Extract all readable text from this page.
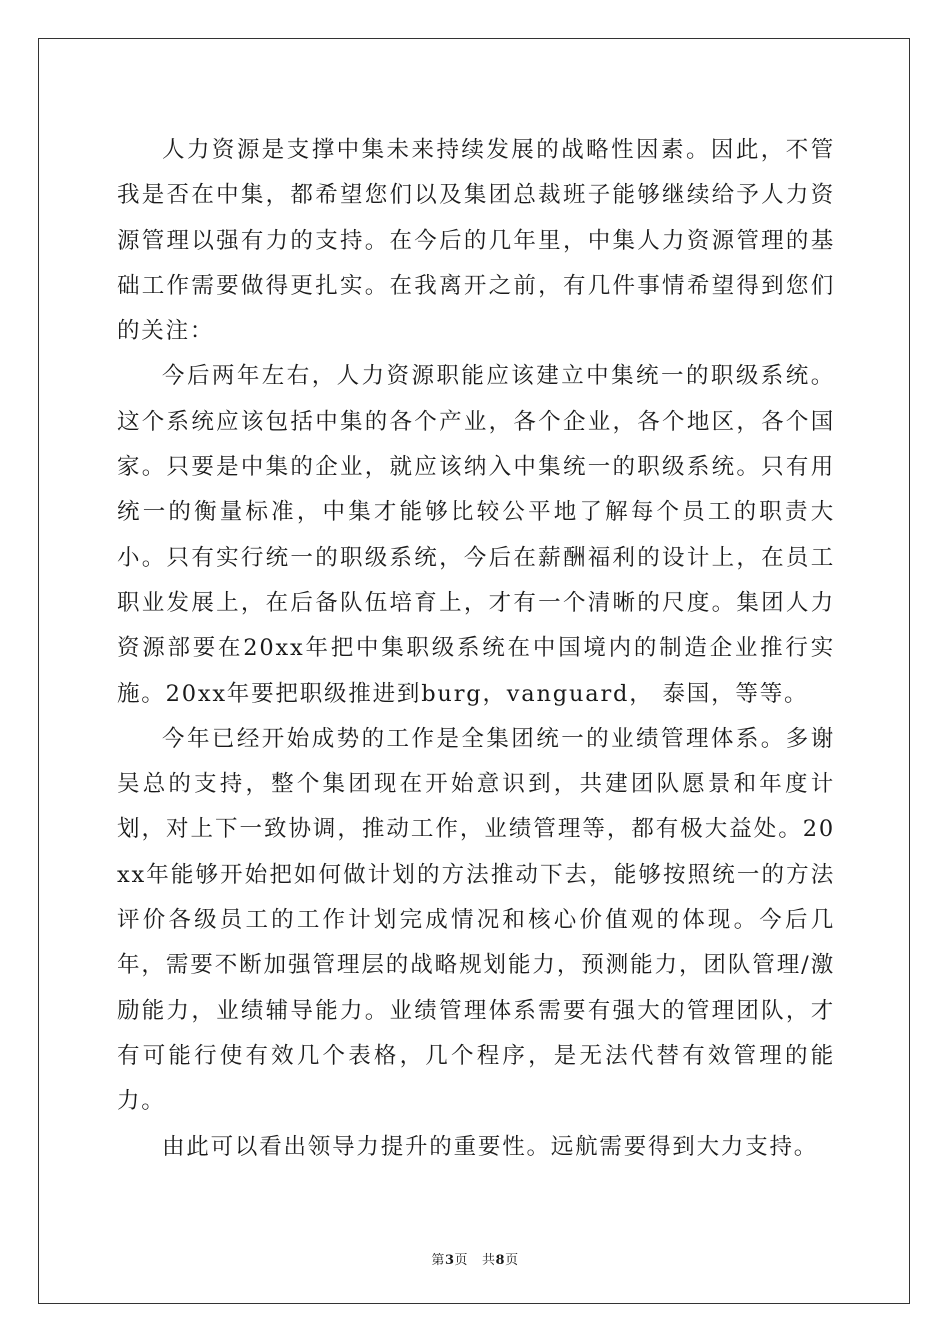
人力资源是支撑中集未来持续发展的战略性因素。因此，不管我是否在中集，都希望您们以及集团总裁班子能够继续给予人力资源管理以强有力的支持。在今后的几年里，中集人力资源管理的基础工作需要做得更扎实。在我离开之前，有几件事情希望得到您们的关注：

今后两年左右，人力资源职能应该建立中集统一的职级系统。这个系统应该包括中集的各个产业，各个企业，各个地区，各个国家。只要是中集的企业，就应该纳入中集统一的职级系统。只有用统一的衡量标准，中集才能够比较公平地了解每个员工的职责大小。只有实行统一的职级系统，今后在薪酬福利的设计上，在员工职业发展上，在后备队伍培育上，才有一个清晰的尺度。集团人力资源部要在20xx年把中集职级系统在中国境内的制造企业推行实施。20xx年要把职级推进到burg，vanguard， 泰国，等等。

今年已经开始成势的工作是全集团统一的业绩管理体系。多谢吴总的支持，整个集团现在开始意识到，共建团队愿景和年度计划，对上下一致协调，推动工作，业绩管理等，都有极大益处。20xx年能够开始把如何做计划的方法推动下去，能够按照统一的方法评价各级员工的工作计划完成情况和核心价值观的体现。今后几年，需要不断加强管理层的战略规划能力，预测能力，团队管理/激励能力，业绩辅导能力。业绩管理体系需要有强大的管理团队，才有可能行使有效几个表格，几个程序，是无法代替有效管理的能力。

由此可以看出领导力提升的重要性。远航需要得到大力支持。

第3页 共8页
